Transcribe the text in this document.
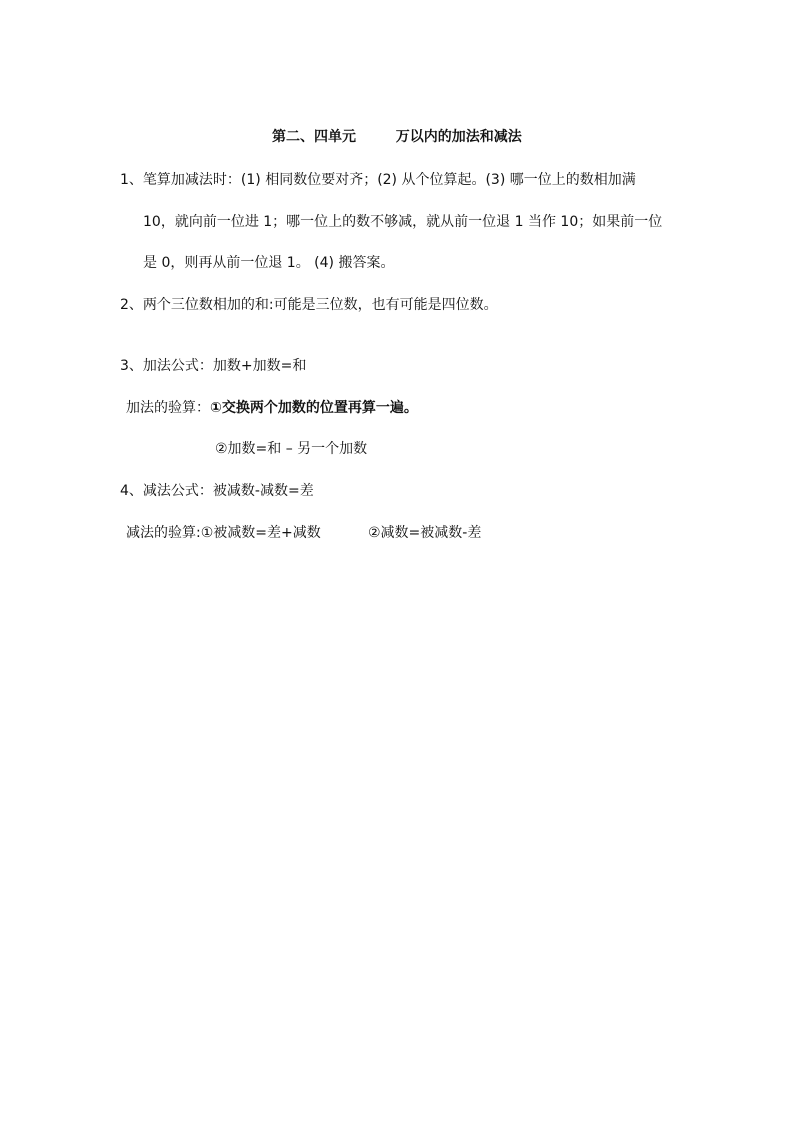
第二、四单元	万以内的加法和减法
1、笔算加减法时：(1) 相同数位要对齐；(2) 从个位算起。(3) 哪一位上的数相加满
10，就向前一位进 1；哪一位上的数不够减，就从前一位退 1 当作 10；如果前一位
是 0，则再从前一位退 1。 (4) 搬答案。
2、两个三位数相加的和:可能是三位数，也有可能是四位数。
3、加法公式：加数+加数=和
加法的验算：①交换两个加数的位置再算一遍。
②加数=和 – 另一个加数
4、减法公式：被减数-减数=差
减法的验算:①被减数=差+减数	②减数=被减数-差
